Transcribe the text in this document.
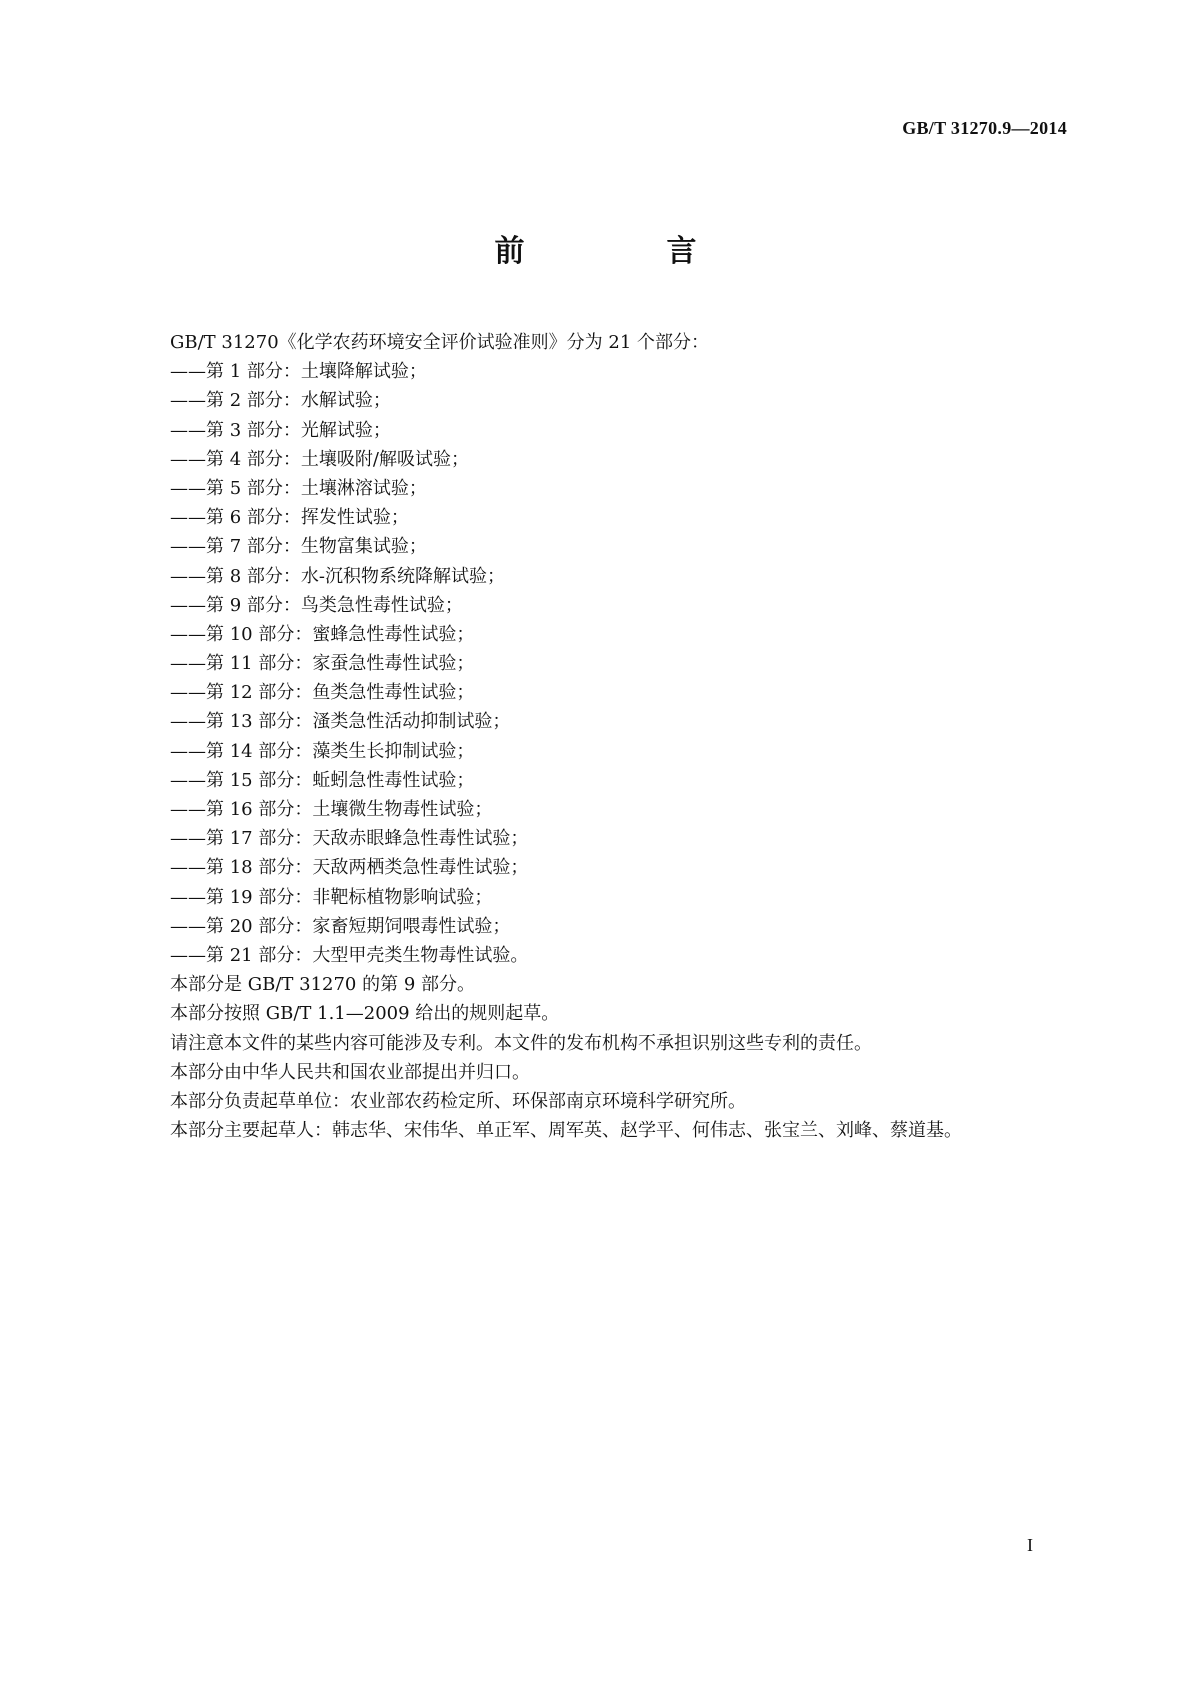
GB/T 31270.9—2014
前　言
GB/T 31270《化学农药环境安全评价试验准则》分为 21 个部分：
——第 1 部分：土壤降解试验；
——第 2 部分：水解试验；
——第 3 部分：光解试验；
——第 4 部分：土壤吸附/解吸试验；
——第 5 部分：土壤淋溶试验；
——第 6 部分：挥发性试验；
——第 7 部分：生物富集试验；
——第 8 部分：水-沉积物系统降解试验；
——第 9 部分：鸟类急性毒性试验；
——第 10 部分：蜜蜂急性毒性试验；
——第 11 部分：家蚕急性毒性试验；
——第 12 部分：鱼类急性毒性试验；
——第 13 部分：溞类急性活动抑制试验；
——第 14 部分：藻类生长抑制试验；
——第 15 部分：蚯蚓急性毒性试验；
——第 16 部分：土壤微生物毒性试验；
——第 17 部分：天敌赤眼蜂急性毒性试验；
——第 18 部分：天敌两栖类急性毒性试验；
——第 19 部分：非靶标植物影响试验；
——第 20 部分：家畜短期饲喂毒性试验；
——第 21 部分：大型甲壳类生物毒性试验。
本部分是 GB/T 31270 的第 9 部分。
本部分按照 GB/T 1.1—2009 给出的规则起草。
请注意本文件的某些内容可能涉及专利。本文件的发布机构不承担识别这些专利的责任。
本部分由中华人民共和国农业部提出并归口。
本部分负责起草单位：农业部农药检定所、环保部南京环境科学研究所。
本部分主要起草人：韩志华、宋伟华、单正军、周军英、赵学平、何伟志、张宝兰、刘峰、蔡道基。
I
